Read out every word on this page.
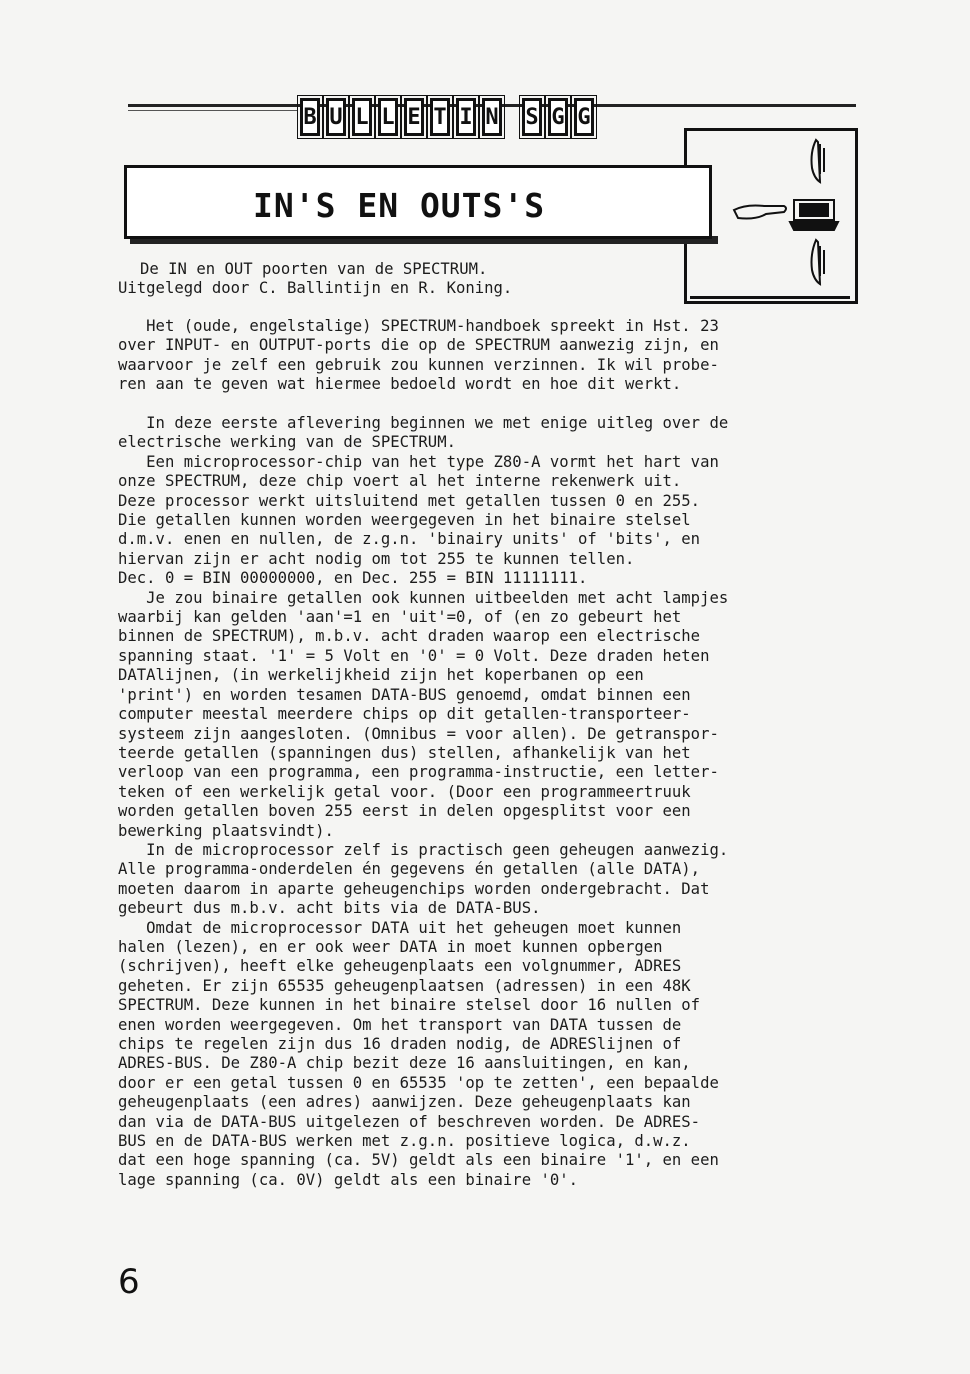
B U L L E T I N S G G
IN'S EN OUTS'S
De IN en OUT poorten van de SPECTRUM.
Uitgelegd door C. Ballintijn en R. Koning.
Het (oude, engelstalige) SPECTRUM-handboek spreekt in Hst. 23
over INPUT- en OUTPUT-ports die op de SPECTRUM aanwezig zijn, en
waarvoor je zelf een gebruik zou kunnen verzinnen. Ik wil probe-
ren aan te geven wat hiermee bedoeld wordt en hoe dit werkt.
In deze eerste aflevering beginnen we met enige uitleg over de
electrische werking van de SPECTRUM.
Een microprocessor-chip van het type Z80-A vormt het hart van
onze SPECTRUM, deze chip voert al het interne rekenwerk uit.
Deze processor werkt uitsluitend met getallen tussen 0 en 255.
Die getallen kunnen worden weergegeven in het binaire stelsel
d.m.v. enen en nullen, de z.g.n. 'binairy units' of 'bits', en
hiervan zijn er acht nodig om tot 255 te kunnen tellen.
Dec. 0 = BIN 00000000, en Dec. 255 = BIN 11111111.
Je zou binaire getallen ook kunnen uitbeelden met acht lampjes
waarbij kan gelden 'aan'=1 en 'uit'=0, of (en zo gebeurt het
binnen de SPECTRUM), m.b.v. acht draden waarop een electrische
spanning staat. '1' = 5 Volt en '0' = 0 Volt. Deze draden heten
DATAlijnen, (in werkelijkheid zijn het koperbanen op een
'print') en worden tesamen DATA-BUS genoemd, omdat binnen een
computer meestal meerdere chips op dit getallen-transporteer-
systeem zijn aangesloten. (Omnibus = voor allen). De getranspor-
teerde getallen (spanningen dus) stellen, afhankelijk van het
verloop van een programma, een programma-instructie, een letter-
teken of een werkelijk getal voor. (Door een programmeertruuk
worden getallen boven 255 eerst in delen opgesplitst voor een
bewerking plaatsvindt).
In de microprocessor zelf is practisch geen geheugen aanwezig.
Alle programma-onderdelen én gegevens én getallen (alle DATA),
moeten daarom in aparte geheugenchips worden ondergebracht. Dat
gebeurt dus m.b.v. acht bits via de DATA-BUS.
Omdat de microprocessor DATA uit het geheugen moet kunnen
halen (lezen), en er ook weer DATA in moet kunnen opbergen
(schrijven), heeft elke geheugenplaats een volgnummer, ADRES
geheten. Er zijn 65535 geheugenplaatsen (adressen) in een 48K
SPECTRUM. Deze kunnen in het binaire stelsel door 16 nullen of
enen worden weergegeven. Om het transport van DATA tussen de
chips te regelen zijn dus 16 draden nodig, de ADRESlijnen of
ADRES-BUS. De Z80-A chip bezit deze 16 aansluitingen, en kan,
door er een getal tussen 0 en 65535 'op te zetten', een bepaalde
geheugenplaats (een adres) aanwijzen. Deze geheugenplaats kan
dan via de DATA-BUS uitgelezen of beschreven worden. De ADRES-
BUS en de DATA-BUS werken met z.g.n. positieve logica, d.w.z.
dat een hoge spanning (ca. 5V) geldt als een binaire '1', en een
lage spanning (ca. 0V) geldt als een binaire '0'.
6
